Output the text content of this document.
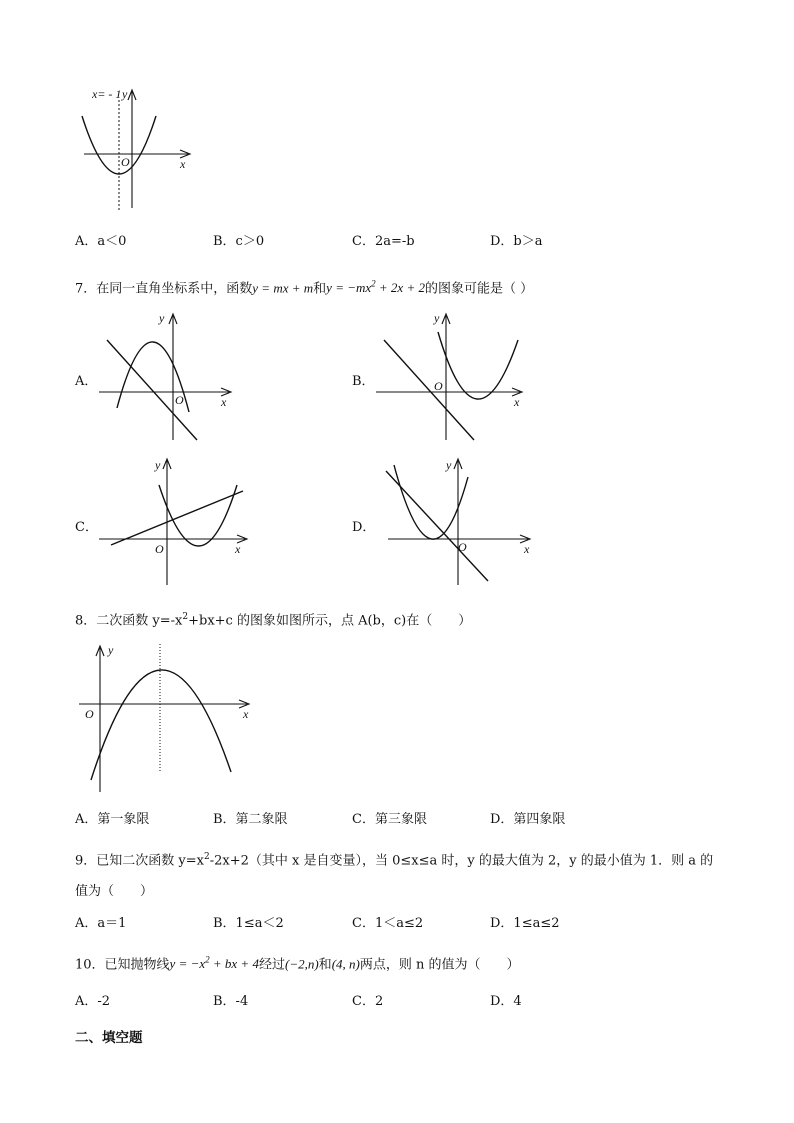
x= - 1 y
x
O
A．a＜0	B．c＞0	C．2a=-b	D．b＞a
7．在同一直角坐标系中，函数y = mx + m和$y = -mx^2 + 2x + 2$的图象可能是（ ）
A．
y
x
O
B．
y
x
O
C．
y
x
O
D．
y
x
O
8．二次函数 $y=-x^2+bx+c$ 的图象如图所示，点 A(b，c)在（　　）
y
x
O
A．第一象限	B．第二象限	C．第三象限	D．第四象限
9．已知二次函数 $y=x^2-2x+2$（其中 x 是自变量），当 0≤x≤a 时，y 的最大值为 2，y 的最小值为 1．则 a 的
值为（　　）
A．a＝1	B．1≤a＜2	C．1＜a≤2	D．1≤a≤2
10．已知抛物线$y = -x^2$ + bx + 4经过(−2,n)和(4, n)两点，则 n 的值为（　　）
A．-2	B．-4	C．2	D．4
二、填空题
